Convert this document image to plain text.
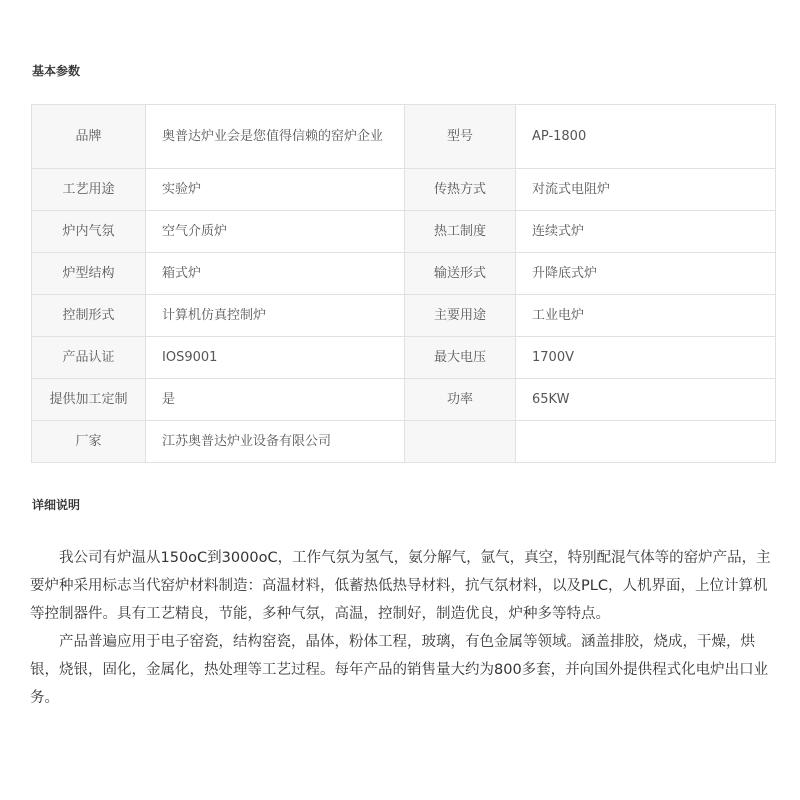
基本参数
品牌	奥普达炉业会是您值得信赖的窑炉企业	型号	AP-1800
工艺用途	实验炉	传热方式	对流式电阻炉
炉内气氛	空气介质炉	热工制度	连续式炉
炉型结构	箱式炉	输送形式	升降底式炉
控制形式	计算机仿真控制炉	主要用途	工业电炉
产品认证	IOS9001	最大电压	1700V
提供加工定制	是	功率	65KW
厂家	江苏奥普达炉业设备有限公司		
详细说明

我公司有炉温从150oC到3000oC，工作气氛为氢气，氨分解气，氩气，真空，特别配混气体等的窑炉产品，主要炉种采用标志当代窑炉材料制造：高温材料，低蓄热低热导材料，抗气氛材料，以及PLC，人机界面，上位计算机等控制器件。具有工艺精良，节能，多种气氛，高温，控制好，制造优良，炉种多等特点。

产品普遍应用于电子窑瓷，结构窑瓷，晶体，粉体工程，玻璃，有色金属等领域。涵盖排胶，烧成，干燥，烘银，烧银，固化，金属化，热处理等工艺过程。每年产品的销售量大约为800多套，并向国外提供程式化电炉出口业务。
